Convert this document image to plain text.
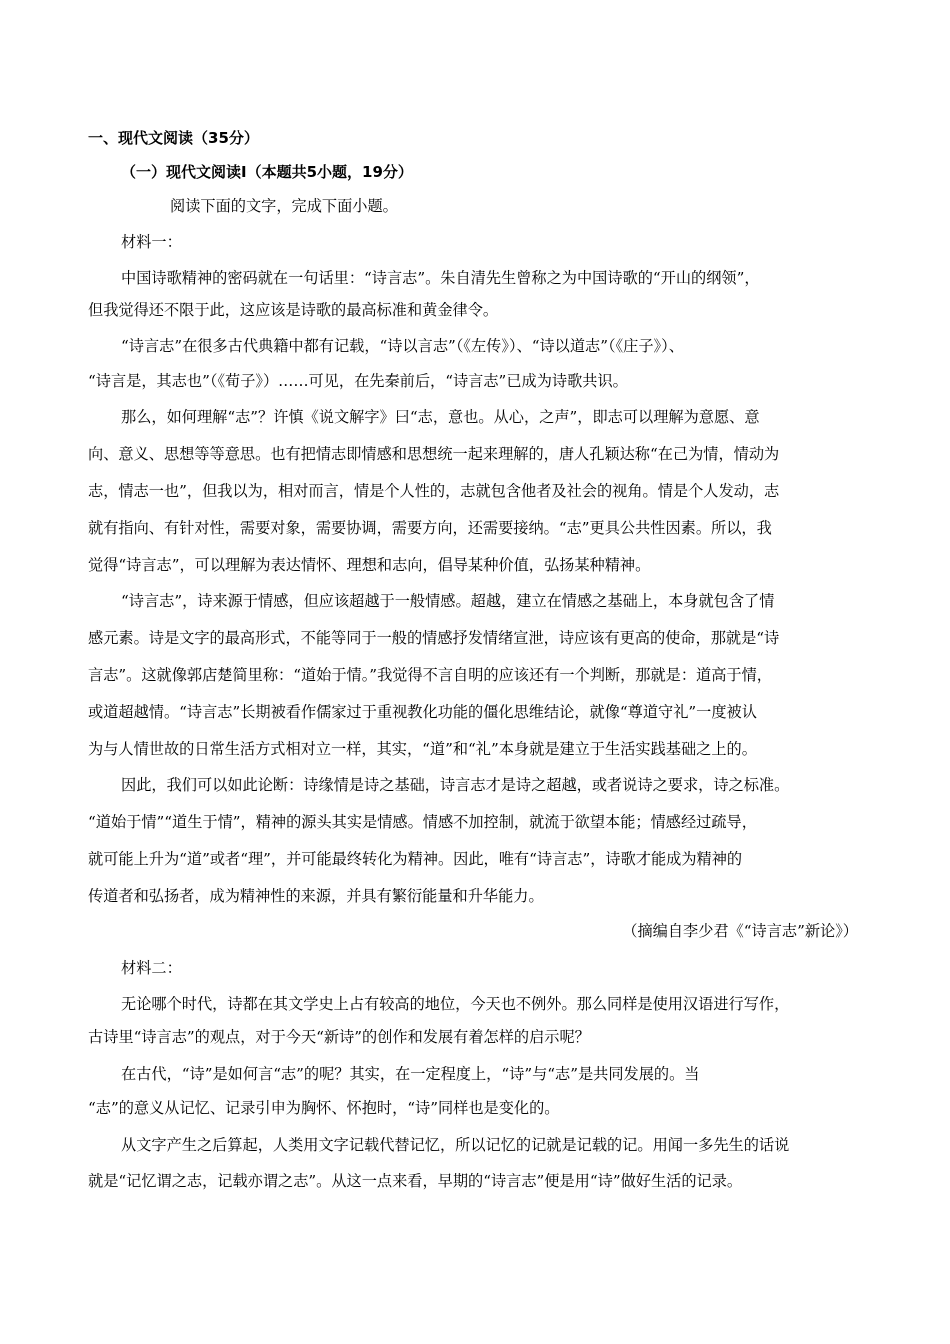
一、现代文阅读（35分）
（一）现代文阅读Ⅰ（本题共5小题，19分）
阅读下面的文字，完成下面小题。
材料一：
中国诗歌精神的密码就在一句话里：“诗言志”。朱自清先生曾称之为中国诗歌的“开山的纲领”，
但我觉得还不限于此，这应该是诗歌的最高标准和黄金律令。
“诗言志”在很多古代典籍中都有记载，“诗以言志”（《左传》）、“诗以道志”（《庄子》）、
“诗言是，其志也”（《荀子》）……可见，在先秦前后，“诗言志”已成为诗歌共识。
那么，如何理解“志”？许慎《说文解字》曰“志，意也。从心，之声”，即志可以理解为意愿、意
向、意义、思想等等意思。也有把情志即情感和思想统一起来理解的，唐人孔颖达称“在己为情，情动为
志，情志一也”，但我以为，相对而言，情是个人性的，志就包含他者及社会的视角。情是个人发动，志
就有指向、有针对性，需要对象，需要协调，需要方向，还需要接纳。“志”更具公共性因素。所以，我
觉得“诗言志”，可以理解为表达情怀、理想和志向，倡导某种价值，弘扬某种精神。
“诗言志”，诗来源于情感，但应该超越于一般情感。超越，建立在情感之基础上，本身就包含了情
感元素。诗是文字的最高形式，不能等同于一般的情感抒发情绪宣泄，诗应该有更高的使命，那就是“诗
言志”。这就像郭店楚简里称：“道始于情。”我觉得不言自明的应该还有一个判断，那就是：道高于情，
或道超越情。“诗言志”长期被看作儒家过于重视教化功能的僵化思维结论，就像“尊道守礼”一度被认
为与人情世故的日常生活方式相对立一样，其实，“道”和“礼”本身就是建立于生活实践基础之上的。
因此，我们可以如此论断：诗缘情是诗之基础，诗言志才是诗之超越，或者说诗之要求，诗之标准。
“道始于情”“道生于情”，精神的源头其实是情感。情感不加控制，就流于欲望本能；情感经过疏导，
就可能上升为“道”或者“理”，并可能最终转化为精神。因此，唯有“诗言志”，诗歌才能成为精神的
传道者和弘扬者，成为精神性的来源，并具有繁衍能量和升华能力。
（摘编自李少君《“诗言志”新论》）
材料二：
无论哪个时代，诗都在其文学史上占有较高的地位，今天也不例外。那么同样是使用汉语进行写作，
古诗里“诗言志”的观点，对于今天“新诗”的创作和发展有着怎样的启示呢？
在古代，“诗”是如何言“志”的呢？其实，在一定程度上，“诗”与“志”是共同发展的。当
“志”的意义从记忆、记录引申为胸怀、怀抱时，“诗”同样也是变化的。
从文字产生之后算起，人类用文字记载代替记忆，所以记忆的记就是记载的记。用闻一多先生的话说
就是“记忆谓之志，记载亦谓之志”。从这一点来看，早期的“诗言志”便是用“诗”做好生活的记录。
